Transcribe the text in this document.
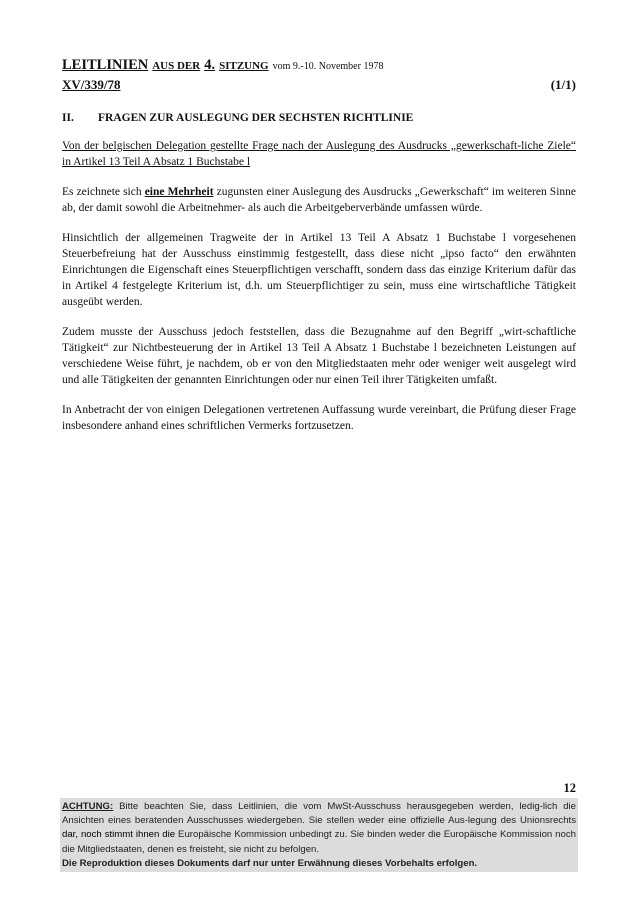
LEITLINIEN AUS DER 4. SITZUNG vom 9.-10. November 1978
XV/339/78	(1/1)
II. FRAGEN ZUR AUSLEGUNG DER SECHSTEN RICHTLINIE

Von der belgischen Delegation gestellte Frage nach der Auslegung des Ausdrucks „gewerkschaft-liche Ziele“ in Artikel 13 Teil A Absatz 1 Buchstabe l

Es zeichnete sich eine Mehrheit zugunsten einer Auslegung des Ausdrucks „Gewerkschaft“ im weiteren Sinne ab, der damit sowohl die Arbeitnehmer- als auch die Arbeitgeberverbände umfassen würde.

Hinsichtlich der allgemeinen Tragweite der in Artikel 13 Teil A Absatz 1 Buchstabe l vorgesehenen Steuerbefreiung hat der Ausschuss einstimmig festgestellt, dass diese nicht „ipso facto“ den erwähnten Einrichtungen die Eigenschaft eines Steuerpflichtigen verschafft, sondern dass das einzige Kriterium dafür das in Artikel 4 festgelegte Kriterium ist, d.h. um Steuerpflichtiger zu sein, muss eine wirtschaftliche Tätigkeit ausgeübt werden.

Zudem musste der Ausschuss jedoch feststellen, dass die Bezugnahme auf den Begriff „wirt-schaftliche Tätigkeit“ zur Nichtbesteuerung der in Artikel 13 Teil A Absatz 1 Buchstabe l bezeichneten Leistungen auf verschiedene Weise führt, je nachdem, ob er von den Mitgliedstaaten mehr oder weniger weit ausgelegt wird und alle Tätigkeiten der genannten Einrichtungen oder nur einen Teil ihrer Tätigkeiten umfaßt.

In Anbetracht der von einigen Delegationen vertretenen Auffassung wurde vereinbart, die Prüfung dieser Frage insbesondere anhand eines schriftlichen Vermerks fortzusetzen.

12
ACHTUNG: Bitte beachten Sie, dass Leitlinien, die vom MwSt-Ausschuss herausgegeben werden, ledig-lich die Ansichten eines beratenden Ausschusses wiedergeben. Sie stellen weder eine offizielle Aus-legung des Unionsrechts dar, noch stimmt ihnen die Europäische Kommission unbedingt zu. Sie binden weder die Europäische Kommission noch die Mitgliedstaaten, denen es freisteht, sie nicht zu befolgen.
Die Reproduktion dieses Dokuments darf nur unter Erwähnung dieses Vorbehalts erfolgen.
